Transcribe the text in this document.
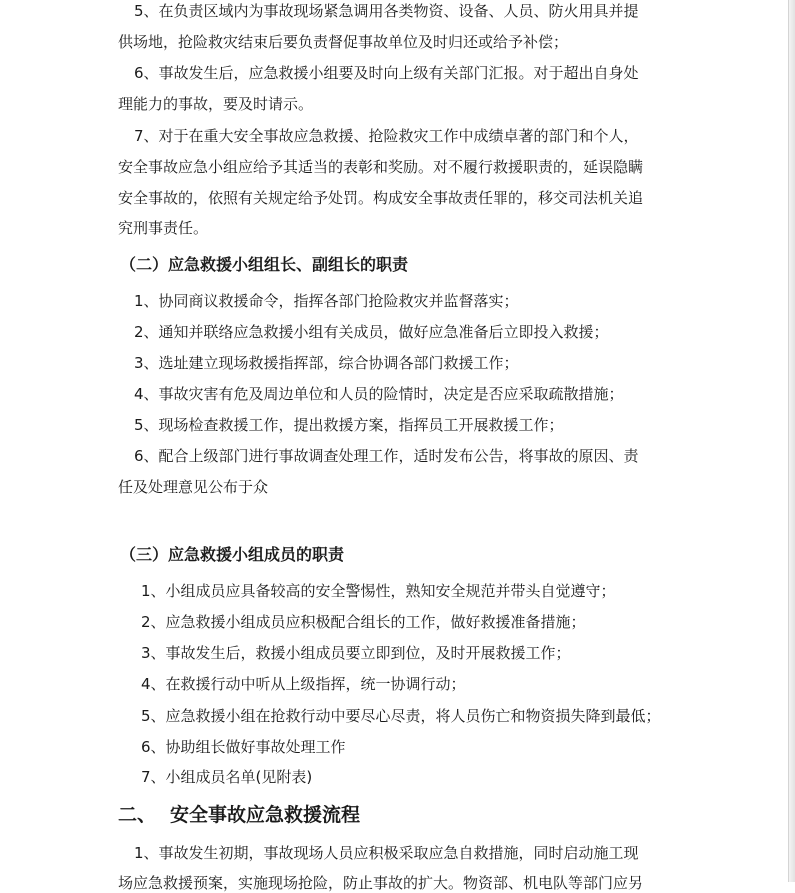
5、在负责区域内为事故现场紧急调用各类物资、设备、人员、防火用具并提
供场地，抢险救灾结束后要负责督促事故单位及时归还或给予补偿；
6、事故发生后，应急救援小组要及时向上级有关部门汇报。对于超出自身处
理能力的事故，要及时请示。
7、对于在重大安全事故应急救援、抢险救灾工作中成绩卓著的部门和个人，
安全事故应急小组应给予其适当的表彰和奖励。对不履行救援职责的，延误隐瞒
安全事故的，依照有关规定给予处罚。构成安全事故责任罪的，移交司法机关追
究刑事责任。
（二）应急救援小组组长、副组长的职责
1、协同商议救援命令，指挥各部门抢险救灾并监督落实；
2、通知并联络应急救援小组有关成员，做好应急准备后立即投入救援；
3、选址建立现场救援指挥部，综合协调各部门救援工作；
4、事故灾害有危及周边单位和人员的险情时，决定是否应采取疏散措施；
5、现场检查救援工作，提出救援方案，指挥员工开展救援工作；
6、配合上级部门进行事故调查处理工作，适时发布公告，将事故的原因、责
任及处理意见公布于众
（三）应急救援小组成员的职责
1、小组成员应具备较高的安全警惕性，熟知安全规范并带头自觉遵守；
2、应急救援小组成员应积极配合组长的工作，做好救援准备措施；
3、事故发生后，救援小组成员要立即到位，及时开展救援工作；
4、在救援行动中听从上级指挥，统一协调行动；
5、应急救援小组在抢救行动中要尽心尽责，将人员伤亡和物资损失降到最低；
6、协助组长做好事故处理工作
7、小组成员名单(见附表)
二、 安全事故应急救援流程
1、事故发生初期，事故现场人员应积极采取应急自救措施，同时启动施工现
场应急救援预案，实施现场抢险，防止事故的扩大。物资部、机电队等部门应另
